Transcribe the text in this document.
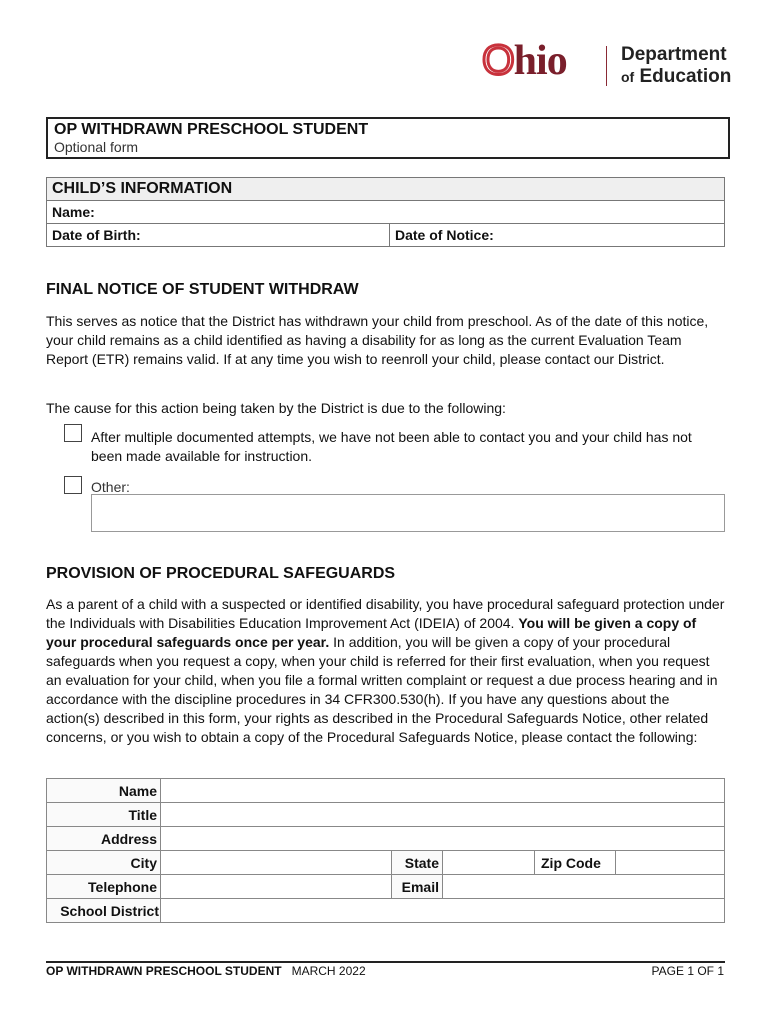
Ohio	Department
of Education
OP WITHDRAWN PRESCHOOL STUDENT
Optional form
CHILD’S INFORMATION
Name:
Date of Birth:	Date of Notice:
FINAL NOTICE OF STUDENT WITHDRAW

This serves as notice that the District has withdrawn your child from preschool. As of the date of this notice, your child remains as a child identified as having a disability for as long as the current Evaluation Team Report (ETR) remains valid. If at any time you wish to reenroll your child, please contact our District.

The cause for this action being taken by the District is due to the following:

After multiple documented attempts, we have not been able to contact you and your child has not been made available for instruction.

Other:

PROVISION OF PROCEDURAL SAFEGUARDS

As a parent of a child with a suspected or identified disability, you have procedural safeguard protection under the Individuals with Disabilities Education Improvement Act (IDEIA) of 2004. You will be given a copy of your procedural safeguards once per year. In addition, you will be given a copy of your procedural safeguards when you request a copy, when your child is referred for their first evaluation, when you request an evaluation for your child, when you file a formal written complaint or request a due process hearing and in accordance with the discipline procedures in 34 CFR300.530(h). If you have any questions about the action(s) described in this form, your rights as described in the Procedural Safeguards Notice, other related concerns, or you wish to obtain a copy of the Procedural Safeguards Notice, please contact the following:

Name					
Title					
Address					
City		State		Zip Code	
Telephone		Email			
School District					
OP WITHDRAWN PRESCHOOL STUDENT MARCH 2022	PAGE 1 OF 1
